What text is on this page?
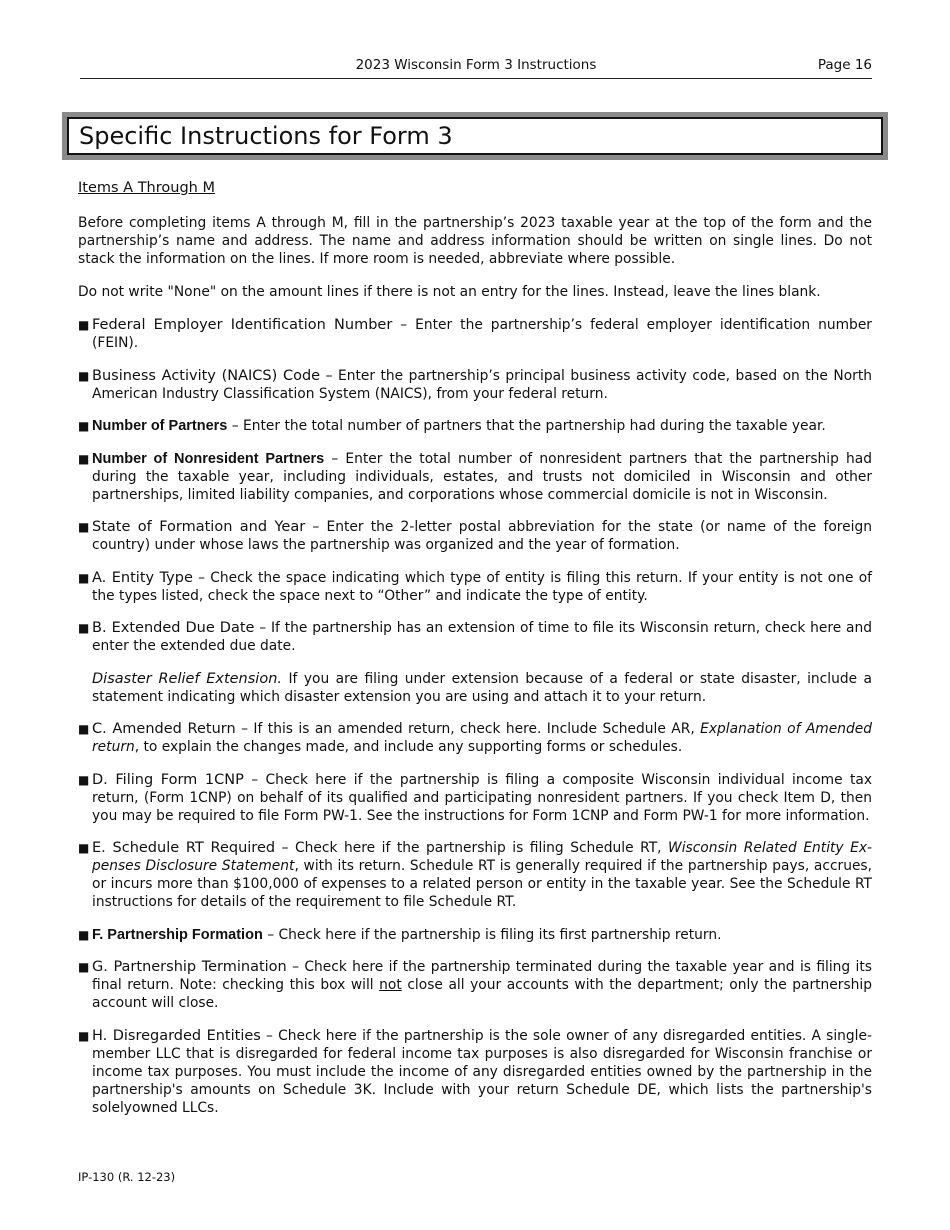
2023 Wisconsin Form 3 Instructions	Page 16
Specific Instructions for Form 3
Items A Through M

Before completing items A through M, fill in the partnership’s 2023 taxable year at the top of the form and the partnership’s name and address. The name and address information should be written on single lines. Do not stack the information on the lines. If more room is needed, abbreviate where possible.

Do not write "None" on the amount lines if there is not an entry for the lines. Instead, leave the lines blank.

■ Federal Employer Identification Number – Enter the partnership’s federal employer identification number (FEIN).
■ Business Activity (NAICS) Code – Enter the partnership’s principal business activity code, based on the North American Industry Classification System (NAICS), from your federal return.
■ Number of Partners – Enter the total number of partners that the partnership had during the taxable year.
■ Number of Nonresident Partners – Enter the total number of nonresident partners that the partnership had during the taxable year, including individuals, estates, and trusts not domiciled in Wisconsin and other partnerships, limited liability companies, and corporations whose commercial domicile is not in Wisconsin.
■ State of Formation and Year – Enter the 2-letter postal abbreviation for the state (or name of the foreign country) under whose laws the partnership was organized and the year of formation.
■ A. Entity Type – Check the space indicating which type of entity is filing this return. If your entity is not one of the types listed, check the space next to “Other” and indicate the type of entity.
■ B. Extended Due Date – If the partnership has an extension of time to file its Wisconsin return, check here and enter the extended due date.
Disaster Relief Extension. If you are filing under extension because of a federal or state disaster, include a statement indicating which disaster extension you are using and attach it to your return.
■ C. Amended Return – If this is an amended return, check here. Include Schedule AR, Explanation of Amended return, to explain the changes made, and include any supporting forms or schedules.
■ D. Filing Form 1CNP – Check here if the partnership is filing a composite Wisconsin individual income tax return, (Form 1CNP) on behalf of its qualified and participating nonresident partners. If you check Item D, then you may be required to file Form PW-1. See the instructions for Form 1CNP and Form PW-1 for more information.
■ E. Schedule RT Required – Check here if the partnership is filing Schedule RT, Wisconsin Related Entity Expenses Disclosure Statement, with its return. Schedule RT is generally required if the partnership pays, accrues, or incurs more than $100,000 of expenses to a related person or entity in the taxable year. See the Schedule RT instructions for details of the requirement to file Schedule RT.
■ F. Partnership Formation – Check here if the partnership is filing its first partnership return.
■ G. Partnership Termination – Check here if the partnership terminated during the taxable year and is filing its final return. Note: checking this box will not close all your accounts with the department; only the partnership account will close.
■ H. Disregarded Entities – Check here if the partnership is the sole owner of any disregarded entities. A singlemember LLC that is disregarded for federal income tax purposes is also disregarded for Wisconsin franchise or income tax purposes. You must include the income of any disregarded entities owned by the partnership in the partnership's amounts on Schedule 3K. Include with your return Schedule DE, which lists the partnership's solelyowned LLCs.
IP-130 (R. 12-23)
